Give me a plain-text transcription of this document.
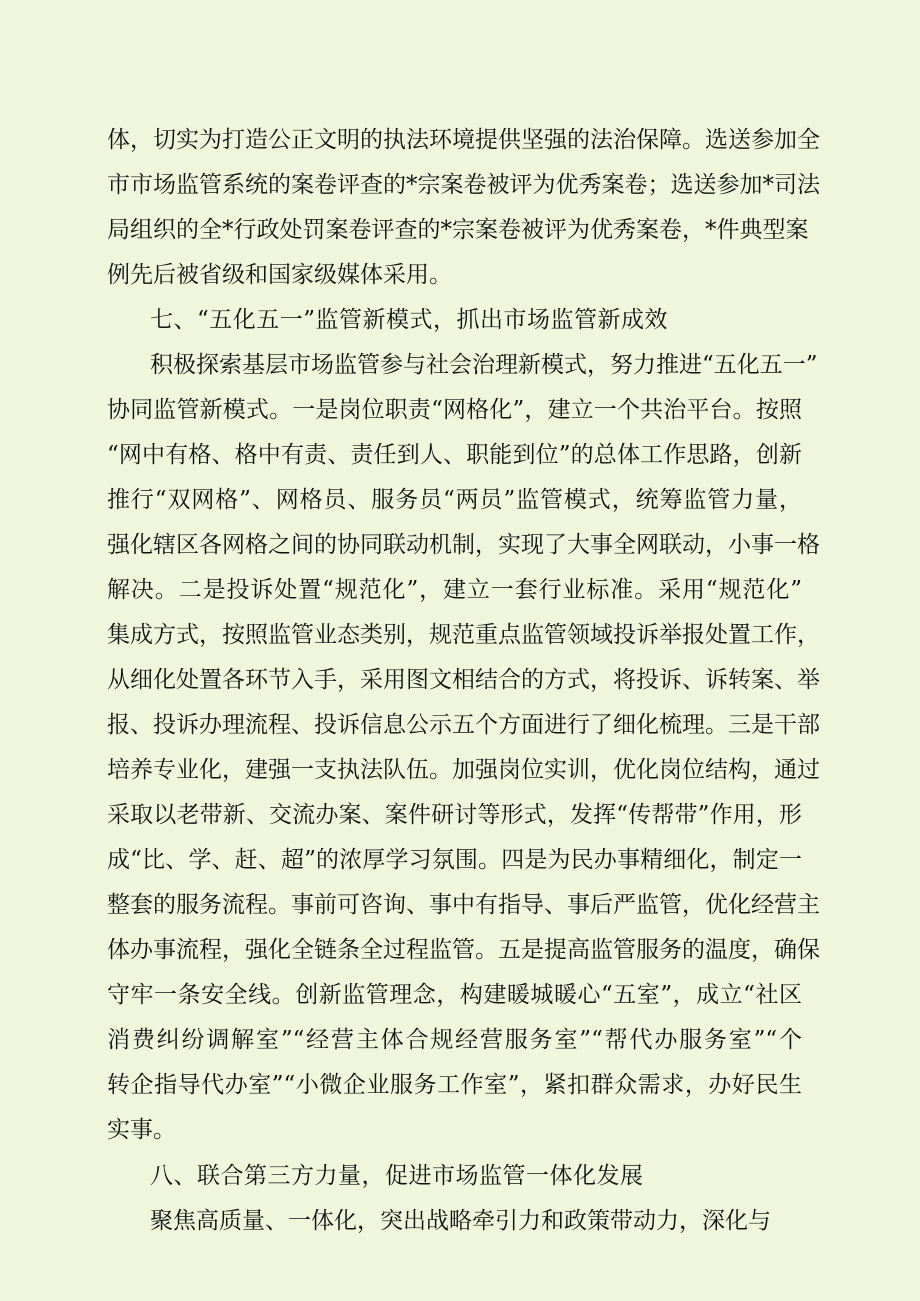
体，切实为打造公正文明的执法环境提供坚强的法治保障。选送参加全
市市场监管系统的案卷评查的*宗案卷被评为优秀案卷；选送参加*司法
局组织的全*行政处罚案卷评查的*宗案卷被评为优秀案卷，*件典型案
例先后被省级和国家级媒体采用。
七、“五化五一”监管新模式，抓出市场监管新成效
积极探索基层市场监管参与社会治理新模式，努力推进“五化五一”
协同监管新模式。一是岗位职责“网格化”，建立一个共治平台。按照
“网中有格、格中有责、责任到人、职能到位”的总体工作思路，创新
推行“双网格”、网格员、服务员“两员”监管模式，统筹监管力量，
强化辖区各网格之间的协同联动机制，实现了大事全网联动，小事一格
解决。二是投诉处置“规范化”，建立一套行业标准。采用“规范化”
集成方式，按照监管业态类别，规范重点监管领域投诉举报处置工作，
从细化处置各环节入手，采用图文相结合的方式，将投诉、诉转案、举
报、投诉办理流程、投诉信息公示五个方面进行了细化梳理。三是干部
培养专业化，建强一支执法队伍。加强岗位实训，优化岗位结构，通过
采取以老带新、交流办案、案件研讨等形式，发挥“传帮带”作用，形
成“比、学、赶、超”的浓厚学习氛围。四是为民办事精细化，制定一
整套的服务流程。事前可咨询、事中有指导、事后严监管，优化经营主
体办事流程，强化全链条全过程监管。五是提高监管服务的温度，确保
守牢一条安全线。创新监管理念，构建暖城暖心“五室”，成立“社区
消费纠纷调解室”“经营主体合规经营服务室”“帮代办服务室”“个
转企指导代办室”“小微企业服务工作室”，紧扣群众需求，办好民生
实事。
八、联合第三方力量，促进市场监管一体化发展
聚焦高质量、一体化，突出战略牵引力和政策带动力，深化与
